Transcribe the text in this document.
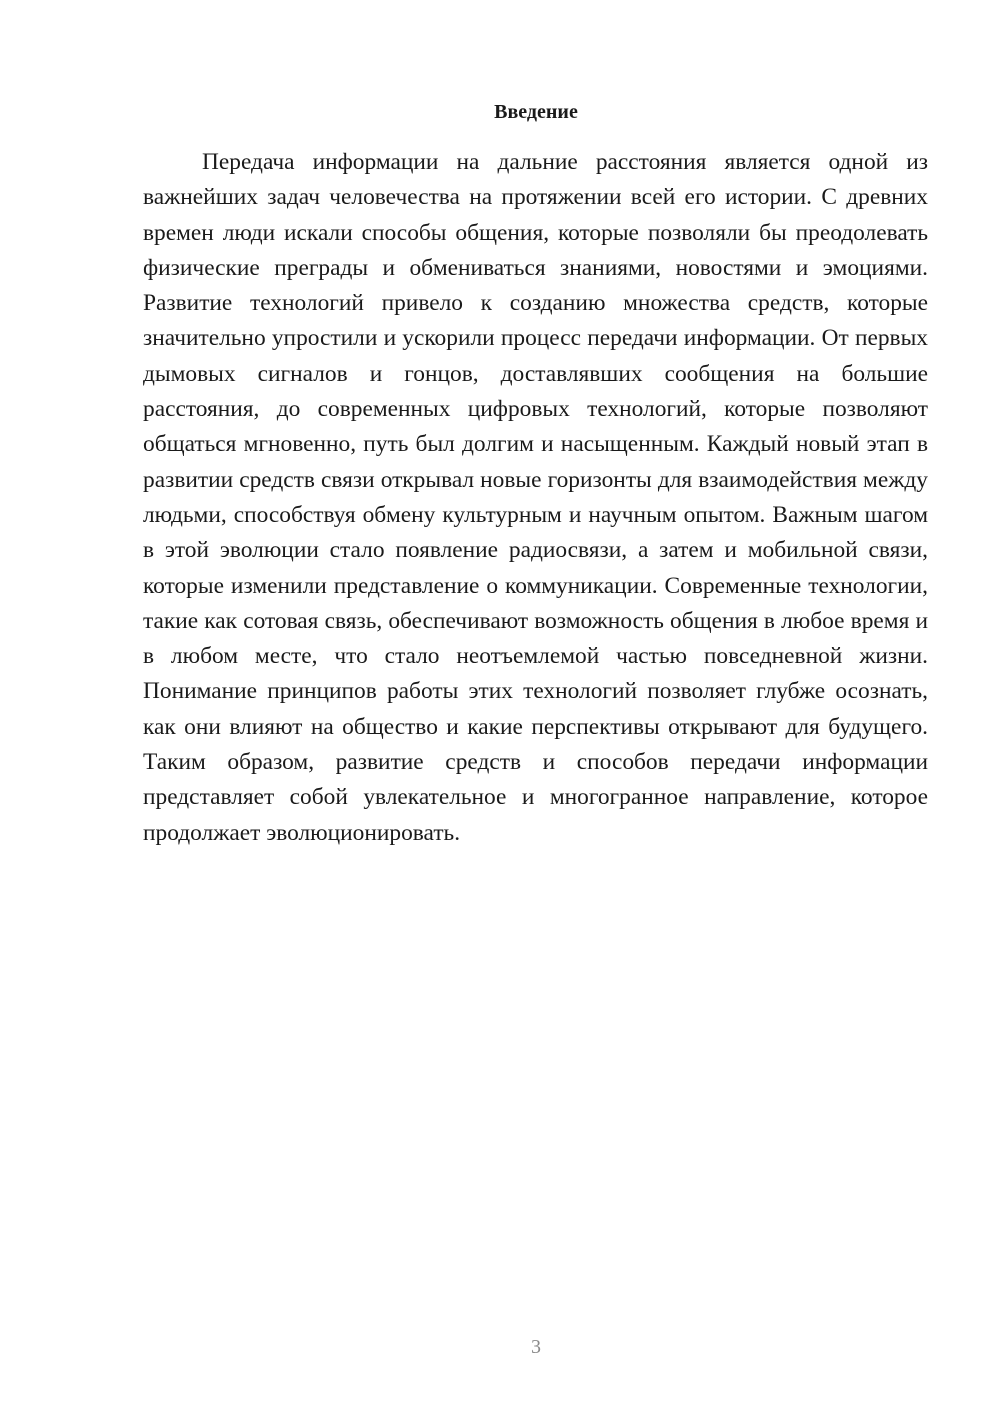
Введение

Передача информации на дальние расстояния является одной из важнейших задач человечества на протяжении всей его истории. С древних времен люди искали способы общения, которые позволяли бы преодолевать физические преграды и обмениваться знаниями, новостями и эмоциями. Развитие технологий привело к созданию множества средств, которые значительно упростили и ускорили процесс передачи информации. От первых дымовых сигналов и гонцов, доставлявших сообщения на большие расстояния, до современных цифровых технологий, которые позволяют общаться мгновенно, путь был долгим и насыщенным. Каждый новый этап в развитии средств связи открывал новые горизонты для взаимодействия между людьми, способствуя обмену культурным и научным опытом. Важным шагом в этой эволюции стало появление радиосвязи, а затем и мобильной связи, которые изменили представление о коммуникации. Современные технологии, такие как сотовая связь, обеспечивают возможность общения в любое время и в любом месте, что стало неотъемлемой частью повседневной жизни. Понимание принципов работы этих технологий позволяет глубже осознать, как они влияют на общество и какие перспективы открывают для будущего. Таким образом, развитие средств и способов передачи информации представляет собой увлекательное и многогранное направление, которое продолжает эволюционировать.

3
